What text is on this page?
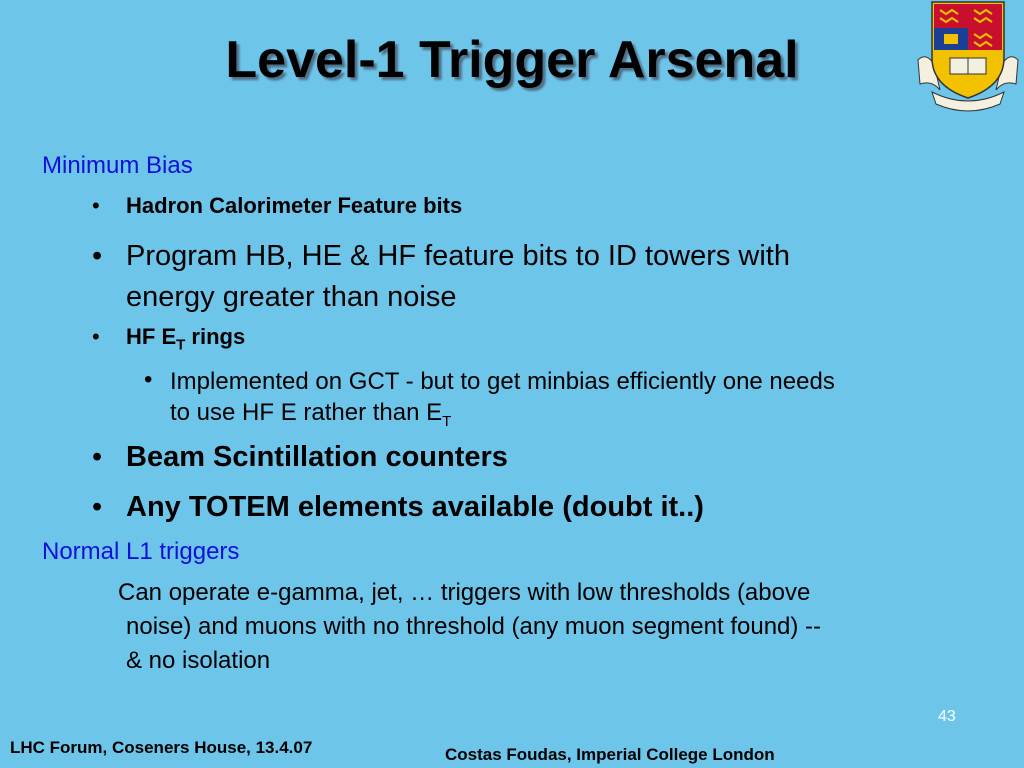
Level-1 Trigger Arsenal
Minimum Bias
• Hadron Calorimeter Feature bits
• Program HB, HE & HF feature bits to ID towers with
energy greater than noise
• HF $E_T$ rings
• Implemented on GCT - but to get minbias efficiently one needs
to use HF E rather than $E_T$
• Beam Scintillation counters
• Any TOTEM elements available (doubt it..)
Normal L1 triggers
Can operate e-gamma, jet, … triggers with low thresholds (above
noise) and muons with no threshold (any muon segment found) --
& no isolation
43
LHC Forum, Coseners House, 13.4.07	Costas Foudas, Imperial College London
